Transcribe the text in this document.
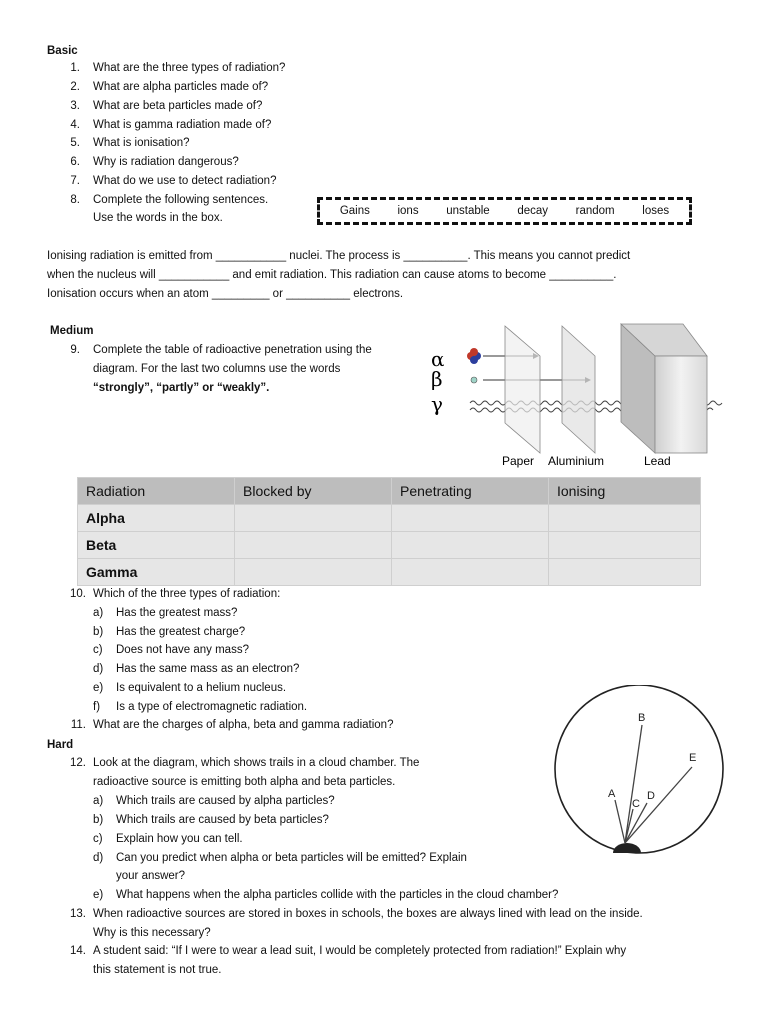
Basic
1. What are the three types of radiation?
2. What are alpha particles made of?
3. What are beta particles made of?
4. What is gamma radiation made of?
5. What is ionisation?
6. Why is radiation dangerous?
7. What do we use to detect radiation?
8. Complete the following sentences.
Use the words in the box.
Gains ions unstable decay random loses
Ionising radiation is emitted from ___________ nuclei. The process is __________. This means you cannot predict
when the nucleus will ___________ and emit radiation. This radiation can cause atoms to become __________.
Ionisation occurs when an atom _________ or __________ electrons.
Medium
9. Complete the table of radioactive penetration using the
diagram. For the last two columns use the words
“strongly”, “partly” or “weakly”.
α
β
γ
Paper Aluminium	Lead
Radiation	Blocked by	Penetrating	Ionising
Alpha			
Beta			
Gamma			
10. Which of the three types of radiation:
a) Has the greatest mass?
b) Has the greatest charge?
c) Does not have any mass?
d) Has the same mass as an electron?
e) Is equivalent to a helium nucleus.
f) Is a type of electromagnetic radiation.
11. What are the charges of alpha, beta and gamma radiation?
Hard
12. Look at the diagram, which shows trails in a cloud chamber. The
radioactive source is emitting both alpha and beta particles.
a) Which trails are caused by alpha particles?
b) Which trails are caused by beta particles?
c) Explain how you can tell.
d) Can you predict when alpha or beta particles will be emitted? Explain
your answer?
e) What happens when the alpha particles collide with the particles in the cloud chamber?
A
B
C
D
E
13. When radioactive sources are stored in boxes in schools, the boxes are always lined with lead on the inside.
Why is this necessary?
14. A student said: “If I were to wear a lead suit, I would be completely protected from radiation!” Explain why
this statement is not true.
